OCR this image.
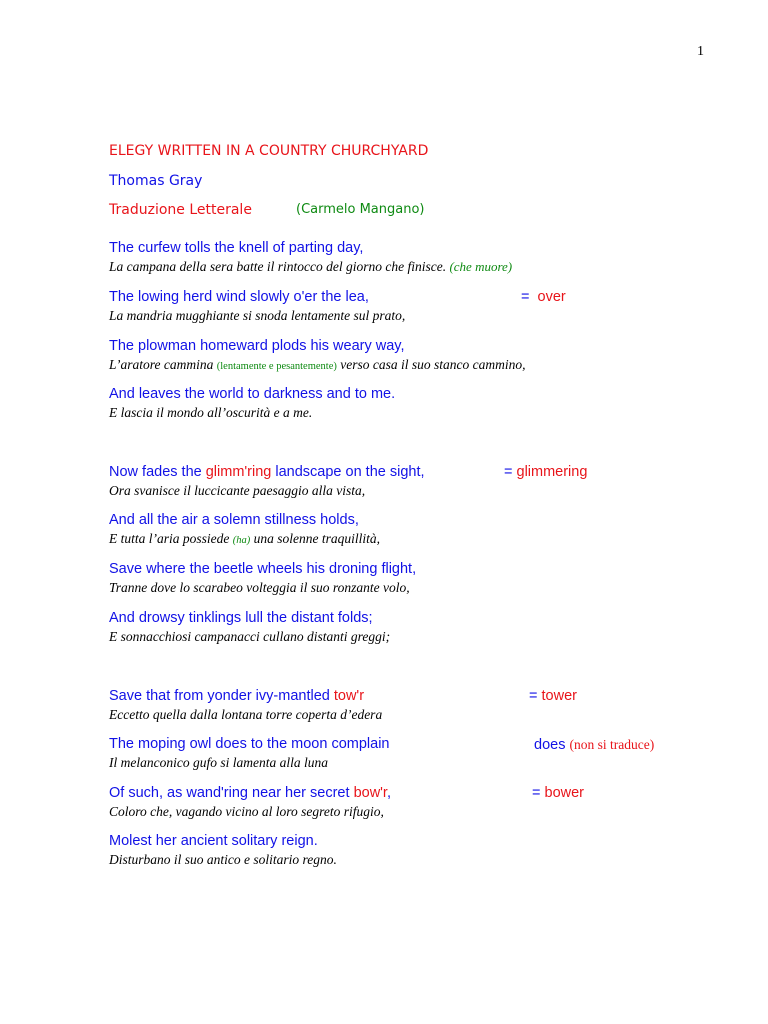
1
ELEGY WRITTEN IN A COUNTRY CHURCHYARD
Thomas Gray
Traduzione Letterale	(Carmelo Mangano)
The curfew tolls the knell of parting day,
La campana della sera batte il rintocco del giorno che finisce. (che muore)
The lowing herd wind slowly o'er the lea,
La mandria mugghiante si snoda lentamente sul prato,
= over
The plowman homeward plods his weary way,
L’aratore cammina (lentamente e pesantemente) verso casa il suo stanco cammino,
And leaves the world to darkness and to me.
E lascia il mondo all’oscurità e a me.
Now fades the glimm'ring landscape on the sight,
Ora svanisce il luccicante paesaggio alla vista,
= glimmering
And all the air a solemn stillness holds,
E tutta l’aria possiede (ha) una solenne traquillità,
Save where the beetle wheels his droning flight,
Tranne dove lo scarabeo volteggia il suo ronzante volo,
And drowsy tinklings lull the distant folds;
E sonnacchiosi campanacci cullano distanti greggi;
Save that from yonder ivy-mantled tow'r
Eccetto quella dalla lontana torre coperta d’edera
= tower
The moping owl does to the moon complain
Il melanconico gufo si lamenta alla luna
does (non si traduce)
Of such, as wand'ring near her secret bow'r,
Coloro che, vagando vicino al loro segreto rifugio,
= bower
Molest her ancient solitary reign.
Disturbano il suo antico e solitario regno.
